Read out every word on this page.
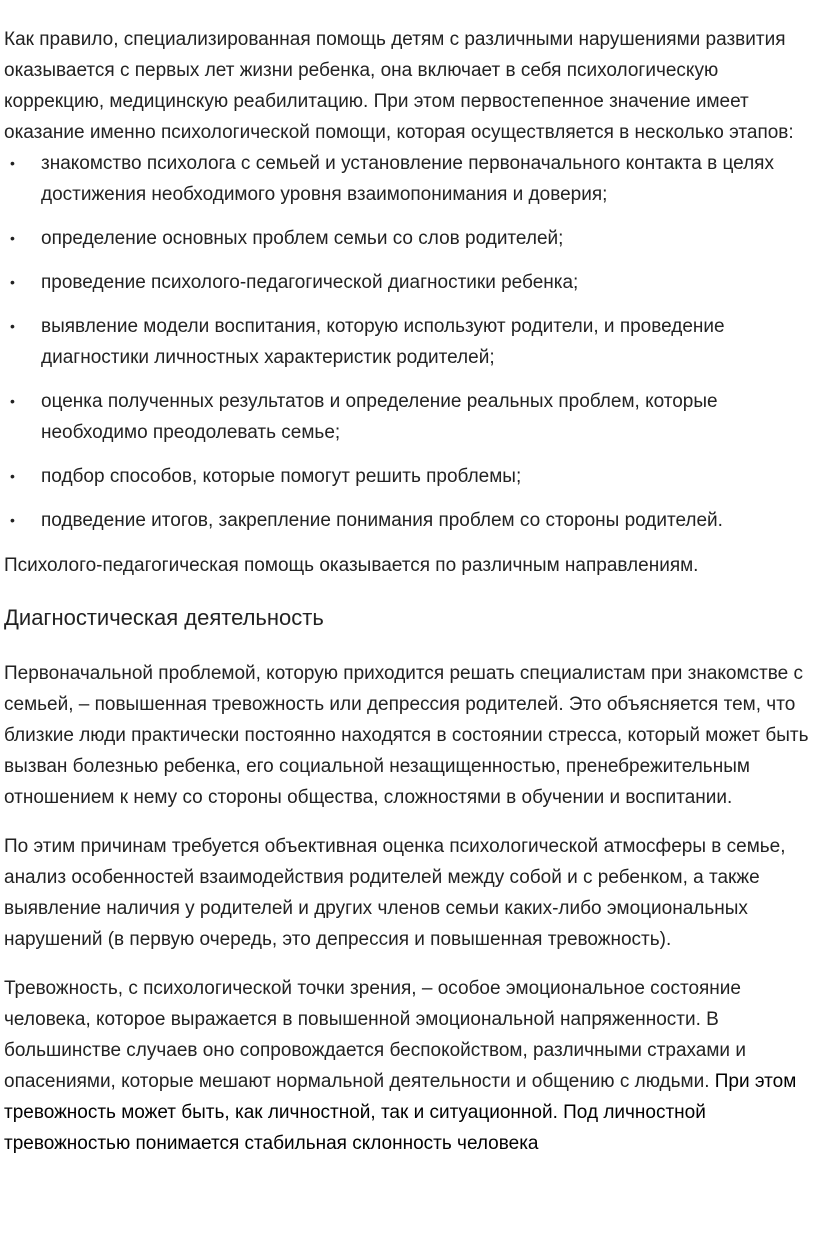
Как правило, специализированная помощь детям с различными нарушениями развития оказывается с первых лет жизни ребенка, она включает в себя психологическую коррекцию, медицинскую реабилитацию. При этом первостепенное значение имеет оказание именно психологической помощи, которая осуществляется в несколько этапов:

• знакомство психолога с семьей и установление первоначального контакта в целях достижения необходимого уровня взаимопонимания и доверия;
• определение основных проблем семьи со слов родителей;
• проведение психолого-педагогической диагностики ребенка;
• выявление модели воспитания, которую используют родители, и проведение диагностики личностных характеристик родителей;
• оценка полученных результатов и определение реальных проблем, которые необходимо преодолевать семье;
• подбор способов, которые помогут решить проблемы;
• подведение итогов, закрепление понимания проблем со стороны родителей.

Психолого-педагогическая помощь оказывается по различным направлениям.

Диагностическая деятельность

Первоначальной проблемой, которую приходится решать специалистам при знакомстве с семьей, – повышенная тревожность или депрессия родителей. Это объясняется тем, что близкие люди практически постоянно находятся в состоянии стресса, который может быть вызван болезнью ребенка, его социальной незащищенностью, пренебрежительным отношением к нему со стороны общества, сложностями в обучении и воспитании.

По этим причинам требуется объективная оценка психологической атмосферы в семье, анализ особенностей взаимодействия родителей между собой и с ребенком, а также выявление наличия у родителей и других членов семьи каких-либо эмоциональных нарушений (в первую очередь, это депрессия и повышенная тревожность).

Тревожность, с психологической точки зрения, – особое эмоциональное состояние человека, которое выражается в повышенной эмоциональной напряженности. В большинстве случаев оно сопровождается беспокойством, различными страхами и опасениями, которые мешают нормальной деятельности и общению с людьми. При этом тревожность может быть, как личностной, так и ситуационной. Под личностной тревожностью понимается стабильная склонность человека
